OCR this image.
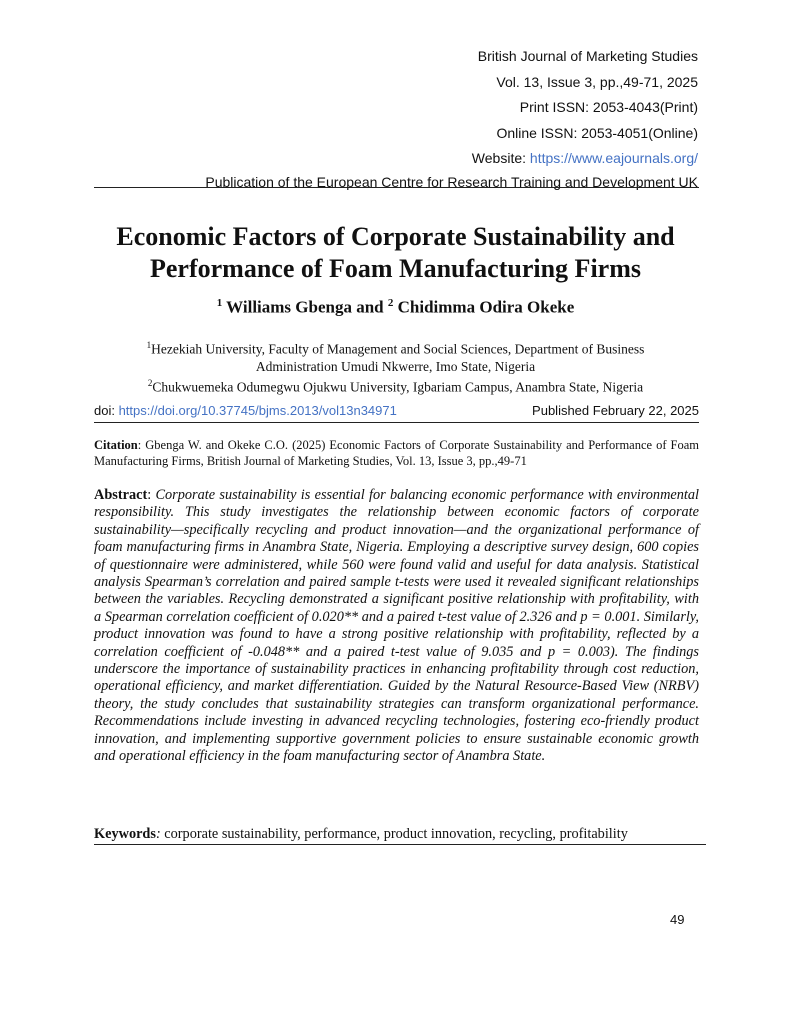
British Journal of Marketing Studies
Vol. 13, Issue 3, pp.,49-71, 2025
Print ISSN: 2053-4043(Print)
Online ISSN: 2053-4051(Online)
Website: https://www.eajournals.org/
Publication of the European Centre for Research Training and Development UK
Economic Factors of Corporate Sustainability and
Performance of Foam Manufacturing Firms
$^1$ Williams Gbenga and $^2$ Chidimma Odira Okeke
$^1$Hezekiah University, Faculty of Management and Social Sciences, Department of Business
Administration Umudi Nkwerre, Imo State, Nigeria
$^2$Chukwuemeka Odumegwu Ojukwu University, Igbariam Campus, Anambra State, Nigeria
doi: https://doi.org/10.37745/bjms.2013/vol13n34971	Published February 22, 2025
Citation: Gbenga W. and Okeke C.O. (2025) Economic Factors of Corporate Sustainability and Performance of Foam Manufacturing Firms, British Journal of Marketing Studies, Vol. 13, Issue 3, pp.,49-71
Abstract: Corporate sustainability is essential for balancing economic performance with environmental responsibility. This study investigates the relationship between economic factors of corporate sustainability—specifically recycling and product innovation—and the organizational performance of foam manufacturing firms in Anambra State, Nigeria. Employing a descriptive survey design, 600 copies of questionnaire were administered, while 560 were found valid and useful for data analysis. Statistical analysis Spearman’s correlation and paired sample t-tests were used it revealed significant relationships between the variables. Recycling demonstrated a significant positive relationship with profitability, with a Spearman correlation coefficient of 0.020** and a paired t-test value of 2.326 and p = 0.001. Similarly, product innovation was found to have a strong positive relationship with profitability, reflected by a correlation coefficient of -0.048** and a paired t-test value of 9.035 and p = 0.003). The findings underscore the importance of sustainability practices in enhancing profitability through cost reduction, operational efficiency, and market differentiation. Guided by the Natural Resource-Based View (NRBV) theory, the study concludes that sustainability strategies can transform organizational performance. Recommendations include investing in advanced recycling technologies, fostering eco-friendly product innovation, and implementing supportive government policies to ensure sustainable economic growth and operational efficiency in the foam manufacturing sector of Anambra State.
Keywords: corporate sustainability, performance, product innovation, recycling, profitability
49
